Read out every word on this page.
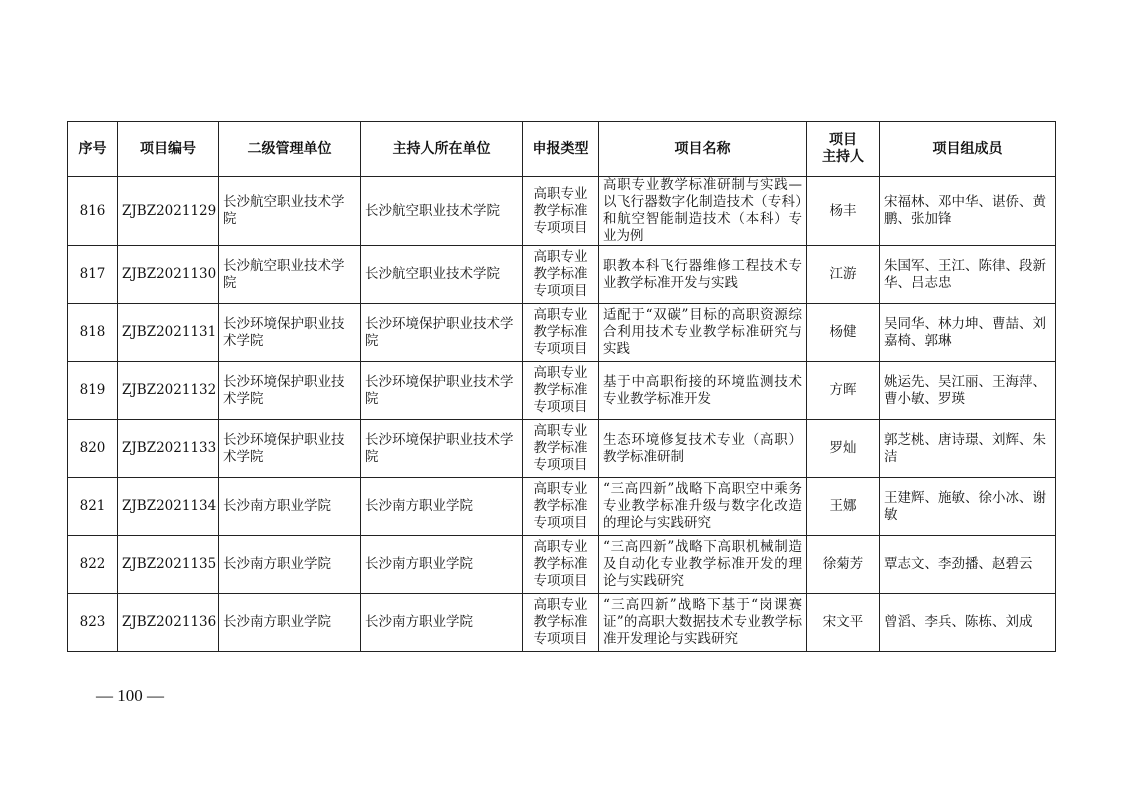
序号	项目编号	二级管理单位	主持人所在单位	申报类型	项目名称	项目
主持人	项目组成员
816	ZJBZ2021129	长沙航空职业技术学院	长沙航空职业技术学院	高职专业教学标准专项项目	高职专业教学标准研制与实践—以飞行器数字化制造技术（专科）和航空智能制造技术（本科）专业为例	杨丰	宋福林、邓中华、谌侨、黄鹏、张加锋
817	ZJBZ2021130	长沙航空职业技术学院	长沙航空职业技术学院	高职专业教学标准专项项目	职教本科飞行器维修工程技术专业教学标准开发与实践	江游	朱国军、王江、陈律、段新华、吕志忠
818	ZJBZ2021131	长沙环境保护职业技术学院	长沙环境保护职业技术学院	高职专业教学标准专项项目	适配于“双碳”目标的高职资源综合利用技术专业教学标准研究与实践	杨健	吴同华、林力坤、曹喆、刘嘉椅、郭琳
819	ZJBZ2021132	长沙环境保护职业技术学院	长沙环境保护职业技术学院	高职专业教学标准专项项目	基于中高职衔接的环境监测技术专业教学标准开发	方晖	姚运先、吴江丽、王海萍、曹小敏、罗瑛
820	ZJBZ2021133	长沙环境保护职业技术学院	长沙环境保护职业技术学院	高职专业教学标准专项项目	生态环境修复技术专业（高职）教学标准研制	罗灿	郭芝桃、唐诗璟、刘辉、朱洁
821	ZJBZ2021134	长沙南方职业学院	长沙南方职业学院	高职专业教学标准专项项目	“三高四新”战略下高职空中乘务专业教学标准升级与数字化改造的理论与实践研究	王娜	王建辉、施敏、徐小冰、谢敏
822	ZJBZ2021135	长沙南方职业学院	长沙南方职业学院	高职专业教学标准专项项目	“三高四新”战略下高职机械制造及自动化专业教学标准开发的理论与实践研究	徐菊芳	覃志文、李劲播、赵碧云
823	ZJBZ2021136	长沙南方职业学院	长沙南方职业学院	高职专业教学标准专项项目	“三高四新”战略下基于“岗课赛证”的高职大数据技术专业教学标准开发理论与实践研究	宋文平	曾滔、李兵、陈栋、刘成
— 100 —
